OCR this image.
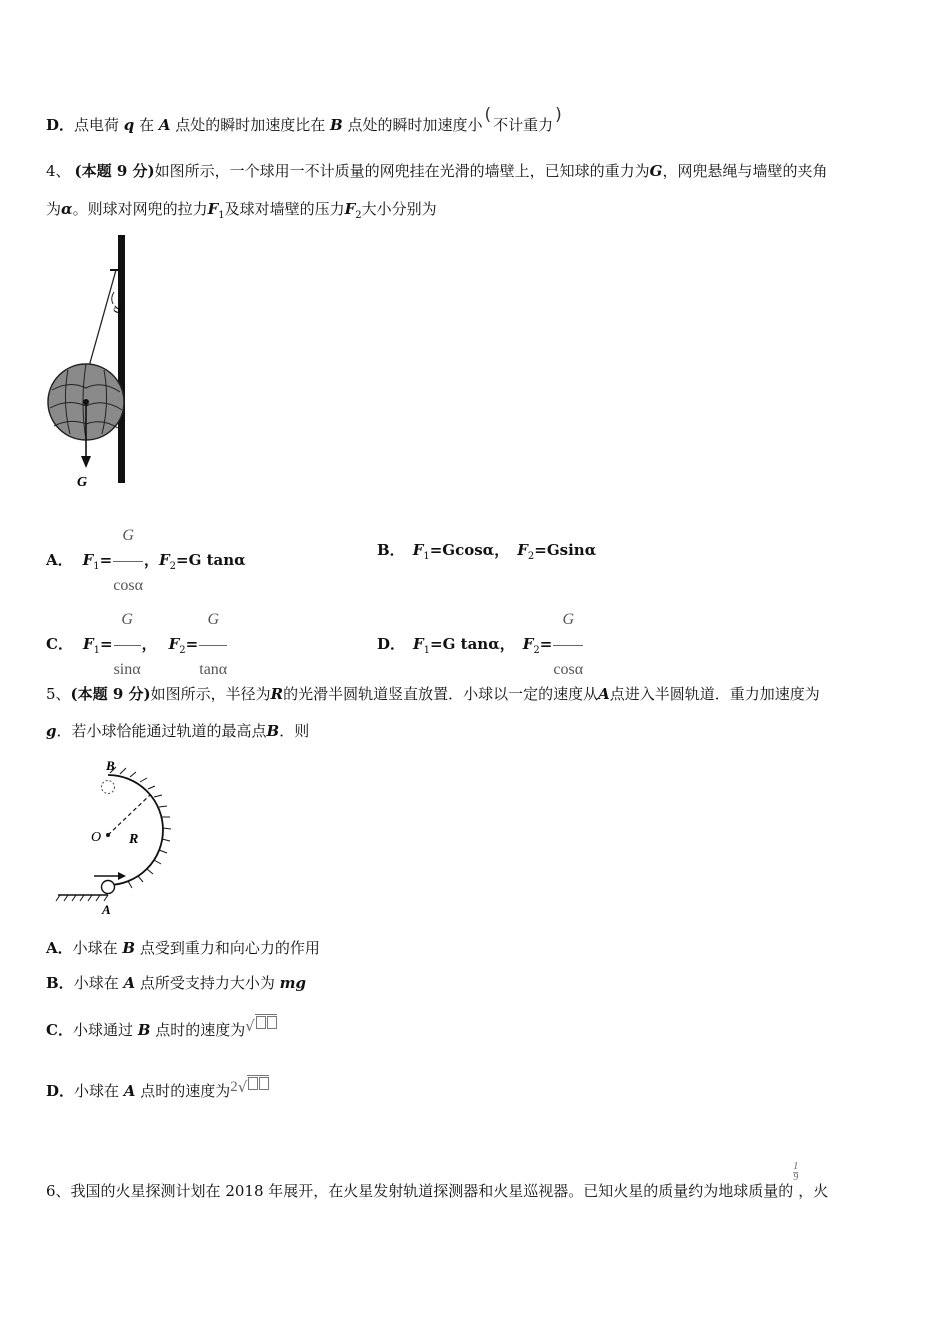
D．点电荷 q 在 A 点处的瞬时加速度比在 B 点处的瞬时加速度小 ( 不计重力 )
4、 (本题 9 分)如图所示，一个球用一不计质量的网兜挂在光滑的墙壁上，已知球的重力为G，网兜悬绳与墙壁的夹角
为α。则球对网兜的拉力$F_1$及球对墙壁的压力$F_2$大小分别为
α
G
A． $F_1= \frac{G}{\cos\alpha}$ ，$F_2=G$ tanα
B． $F_1=Gcos\alpha$， $F_2=Gsin\alpha$
C． $F_1= \frac{G}{\sin\alpha}$ ， $F_2= \frac{G}{\tan\alpha}$	D． $F_1=G$ tanα， $F_2= \frac{G}{\cos\alpha}$
5、(本题 9 分)如图所示，半径为R的光滑半圆轨道竖直放置．小球以一定的速度从A点进入半圆轨道．重力加速度为
g．若小球恰能通过轨道的最高点B．则
B
O R
A
A．小球在 B 点受到重力和向心力的作用
B．小球在 A 点所受支持力大小为 mg
C．小球通过 B 点时的速度为√
D．小球在 A 点时的速度为2√
6、我国的火星探测计划在 2018 年展开，在火星发射轨道探测器和火星巡视器。已知火星的质量约为地球质量的
$\frac{1}{9}$
，火
